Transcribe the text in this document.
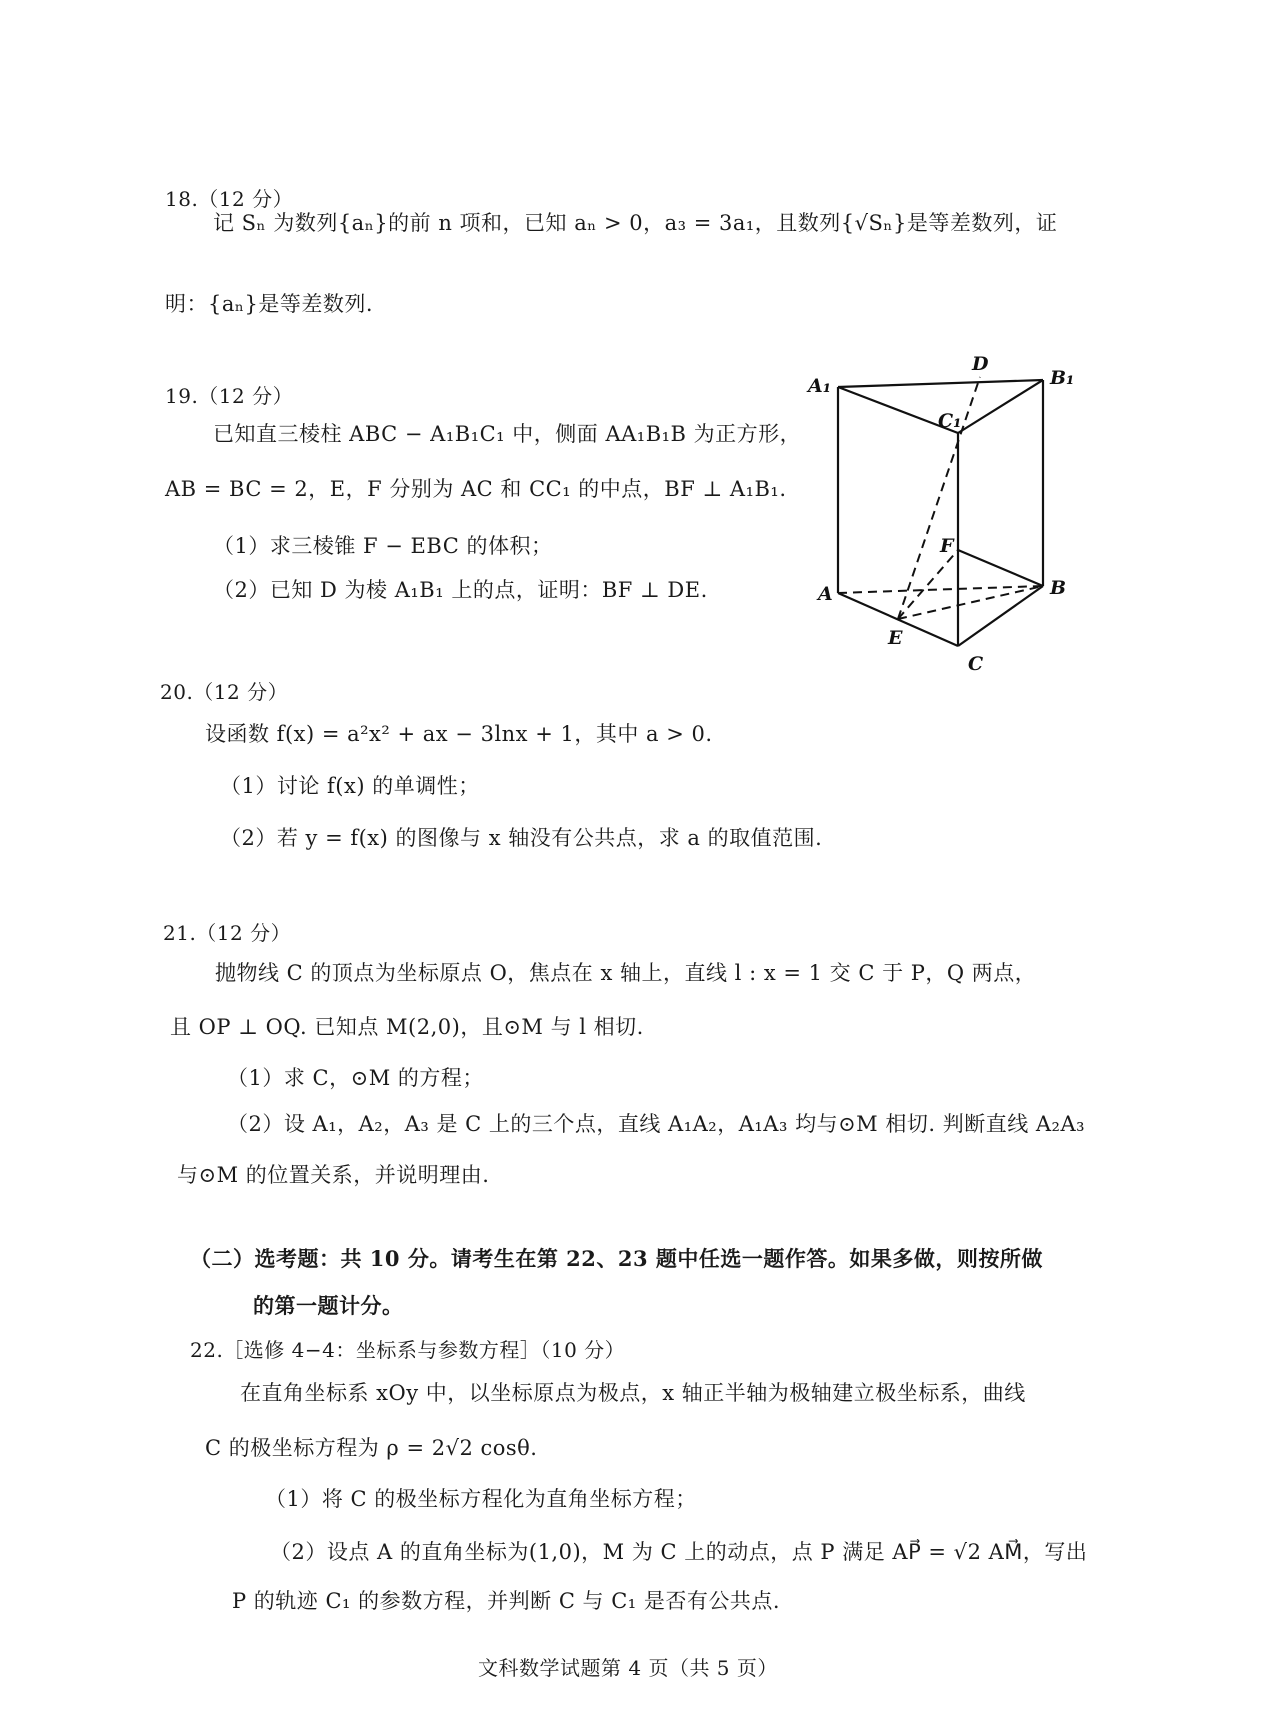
18.（12 分）
记 Sₙ 为数列{aₙ}的前 n 项和，已知 aₙ > 0，a₃ = 3a₁，且数列{√Sₙ}是等差数列，证
明：{aₙ}是等差数列.
19.（12 分）
已知直三棱柱 ABC − A₁B₁C₁ 中，侧面 AA₁B₁B 为正方形，
AB = BC = 2，E，F 分别为 AC 和 CC₁ 的中点，BF ⊥ A₁B₁.
（1）求三棱锥 F − EBC 的体积；
（2）已知 D 为棱 A₁B₁ 上的点，证明：BF ⊥ DE.
A₁
D
B₁
C₁
F
A	B
E
C
20.（12 分）
设函数 f(x) = a²x² + ax − 3lnx + 1，其中 a > 0.
（1）讨论 f(x) 的单调性；
（2）若 y = f(x) 的图像与 x 轴没有公共点，求 a 的取值范围.
21.（12 分）
抛物线 C 的顶点为坐标原点 O，焦点在 x 轴上，直线 l : x = 1 交 C 于 P，Q 两点，
且 OP ⊥ OQ. 已知点 M(2,0)，且⊙M 与 l 相切.
（1）求 C，⊙M 的方程；
（2）设 A₁，A₂，A₃ 是 C 上的三个点，直线 A₁A₂，A₁A₃ 均与⊙M 相切. 判断直线 A₂A₃
与⊙M 的位置关系，并说明理由.
（二）选考题：共 10 分。请考生在第 22、23 题中任选一题作答。如果多做，则按所做
的第一题计分。
22.［选修 4−4：坐标系与参数方程］（10 分）
在直角坐标系 xOy 中，以坐标原点为极点，x 轴正半轴为极轴建立极坐标系，曲线
C 的极坐标方程为 ρ = 2√2 cosθ.
（1）将 C 的极坐标方程化为直角坐标方程；
（2）设点 A 的直角坐标为(1,0)，M 为 C 上的动点，点 P 满足 AP⃗ = √2 AM⃗，写出
P 的轨迹 C₁ 的参数方程，并判断 C 与 C₁ 是否有公共点.
文科数学试题第 4 页（共 5 页）
